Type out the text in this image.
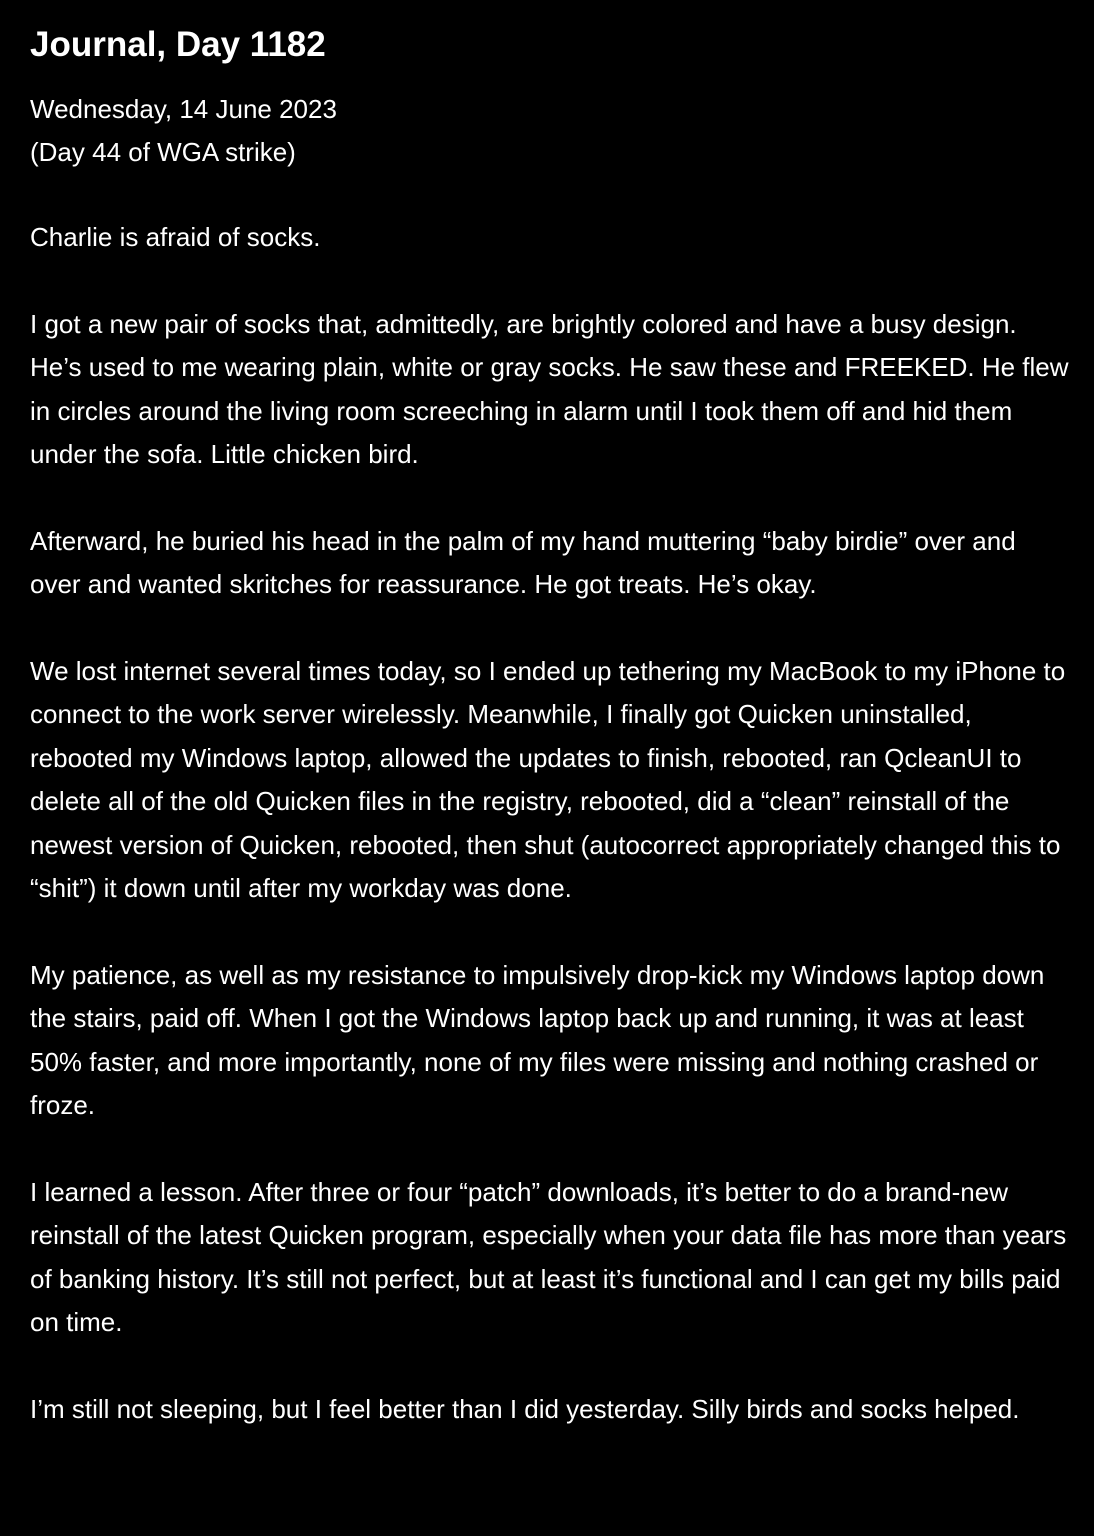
Journal, Day 1182

Wednesday, 14 June 2023

(Day 44 of WGA strike)

Charlie is afraid of socks.

I got a new pair of socks that, admittedly, are brightly colored and have a busy design. He’s used to me wearing plain, white or gray socks. He saw these and FREEKED. He flew in circles around the living room screeching in alarm until I took them off and hid them under the sofa. Little chicken bird.

Afterward, he buried his head in the palm of my hand muttering “baby birdie” over and over and wanted skritches for reassurance. He got treats. He’s okay.

We lost internet several times today, so I ended up tethering my MacBook to my iPhone to connect to the work server wirelessly. Meanwhile, I finally got Quicken uninstalled, rebooted my Windows laptop, allowed the updates to finish, rebooted, ran QcleanUI to delete all of the old Quicken files in the registry, rebooted, did a “clean” reinstall of the newest version of Quicken, rebooted, then shut (autocorrect appropriately changed this to “shit”) it down until after my workday was done.

My patience, as well as my resistance to impulsively drop-kick my Windows laptop down the stairs, paid off. When I got the Windows laptop back up and running, it was at least 50% faster, and more importantly, none of my files were missing and nothing crashed or froze.

I learned a lesson. After three or four “patch” downloads, it’s better to do a brand-new reinstall of the latest Quicken program, especially when your data file has more than years of banking history. It’s still not perfect, but at least it’s functional and I can get my bills paid on time.

I’m still not sleeping, but I feel better than I did yesterday. Silly birds and socks helped.
